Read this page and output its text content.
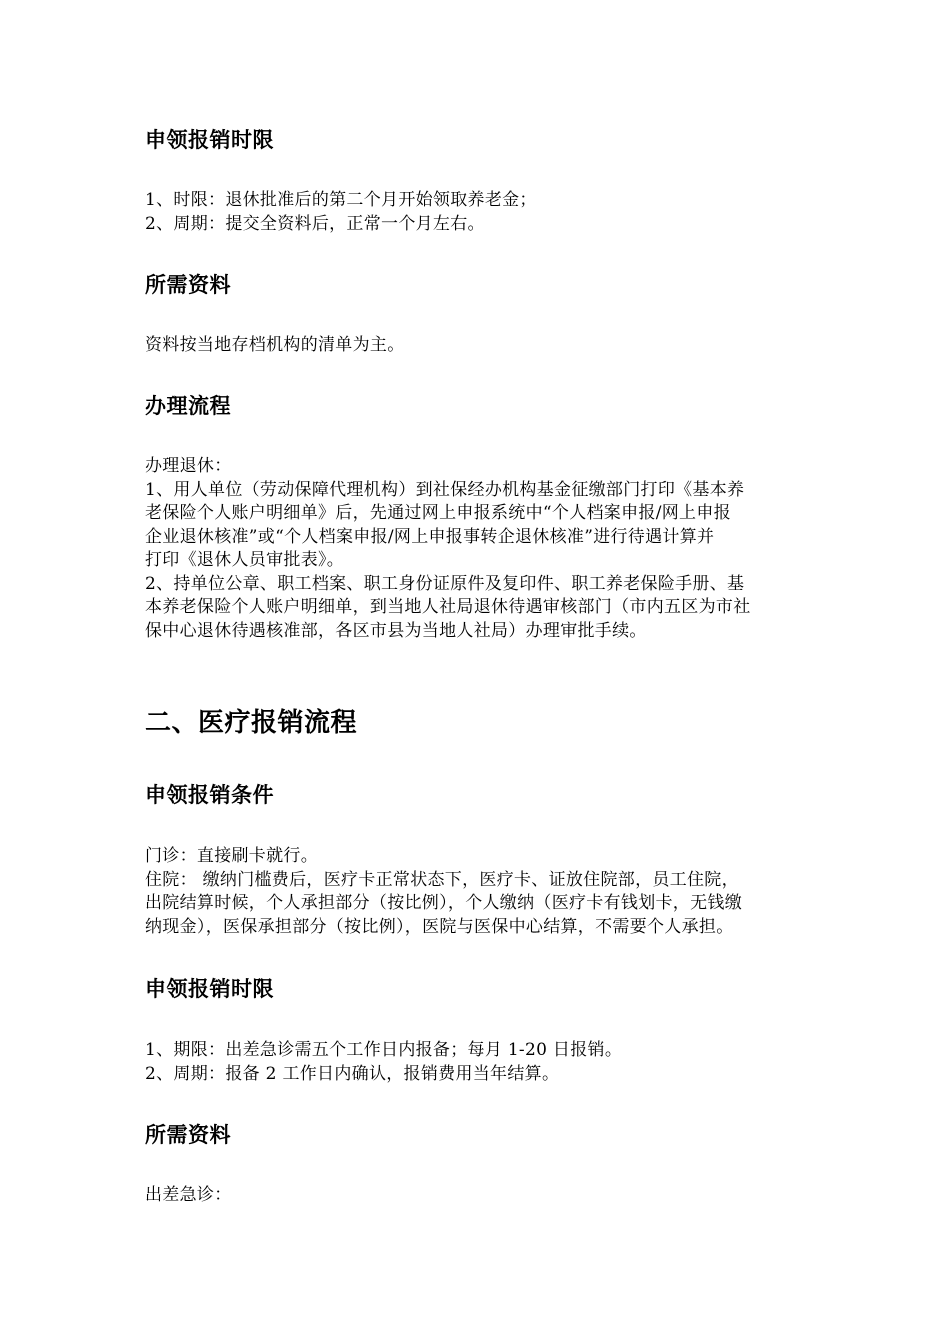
申领报销时限

1、时限：退休批准后的第二个月开始领取养老金；
2、周期：提交全资料后，正常一个月左右。

所需资料

资料按当地存档机构的清单为主。

办理流程

办理退休：
1、用人单位（劳动保障代理机构）到社保经办机构基金征缴部门打印《基本养
老保险个人账户明细单》后，先通过网上申报系统中“个人档案申报/网上申报
企业退休核准”或“个人档案申报/网上申报事转企退休核准”进行待遇计算并
打印《退休人员审批表》。
2、持单位公章、职工档案、职工身份证原件及复印件、职工养老保险手册、基
本养老保险个人账户明细单，到当地人社局退休待遇审核部门（市内五区为市社
保中心退休待遇核准部，各区市县为当地人社局）办理审批手续。

二、医疗报销流程
申领报销条件

门诊：直接刷卡就行。
住院： 缴纳门槛费后，医疗卡正常状态下，医疗卡、证放住院部，员工住院，
出院结算时候，个人承担部分（按比例），个人缴纳（医疗卡有钱划卡，无钱缴
纳现金），医保承担部分（按比例），医院与医保中心结算，不需要个人承担。

申领报销时限

1、期限：出差急诊需五个工作日内报备；每月 1-20 日报销。
2、周期：报备 2 工作日内确认，报销费用当年结算。

所需资料

出差急诊：
